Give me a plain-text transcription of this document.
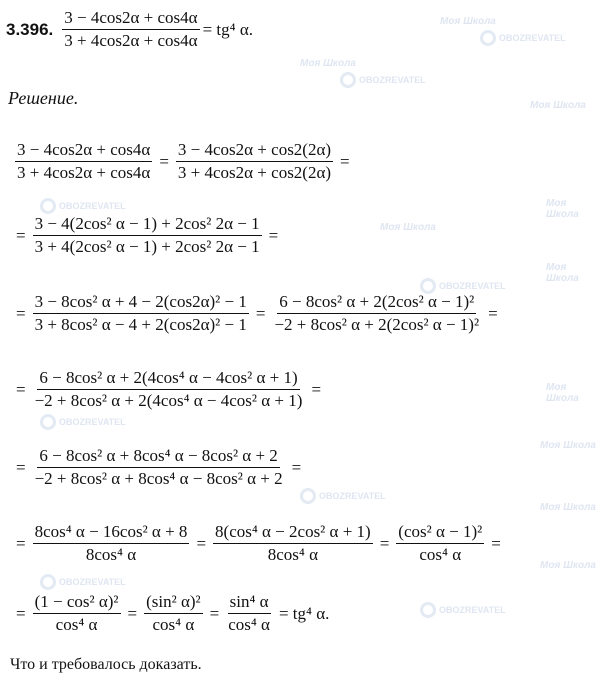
Моя Школа
OBOZREVATEL
Моя Школа
OBOZREVATEL
Моя Школа
OBOZREVATEL	Моя Школа
Моя Школа
Моя Школа
OBOZREVATEL
Моя Школа
OBOZREVATEL
Моя Школа
OBOZREVATEL
Моя Школа
OBOZREVATEL
Моя Школа
OBOZREVATEL
3.396. $\frac{3 - 4\cos 2\alpha + \cos 4\alpha}{3 + 4\cos 2\alpha + \cos 4\alpha} = tg^4$ α.
Решение.
$\frac{3 - 4\cos 2\alpha + \cos 4\alpha}{3 + 4\cos 2\alpha + \cos 4\alpha} = \frac{3 - 4\cos 2\alpha + \cos 2(2\alpha)}{3 + 4\cos 2\alpha + \cos 2(2\alpha)}$ =
= $\frac{\text{3 − 4(2cos² α − 1) + 2cos² 2α − 1}}{\text{3 + 4(2cos² α − 1) + 2cos² 2α − 1}}$ =
= $\frac{\text{3 − 8cos² α + 4 − 2(cos2α)² − 1}}{\text{3 + 8cos² α − 4 + 2(cos2α)² − 1}} = \frac{\text{6 − 8cos² α + 2(2cos² α − 1)²}}{\text{−2 + 8cos² α + 2(2cos² α − 1)²}}$ =
= $\frac{\text{6 − 8cos² α + 2(4cos⁴ α − 4cos² α + 1)}}{\text{−2 + 8cos² α + 2(4cos⁴ α − 4cos² α + 1)}}$ =
= $\frac{\text{6 − 8cos² α + 8cos⁴ α − 8cos² α + 2}}{\text{−2 + 8cos² α + 8cos⁴ α − 8cos² α + 2}}$ =
= $\frac{\text{8cos⁴ α − 16cos² α + 8}}{\text{8cos⁴ α}} = \frac{\text{8(cos⁴ α − 2cos² α + 1)}}{\text{8cos⁴ α}} = \frac{\text{(cos² α − 1)²}}{\text{cos⁴ α}}$ =
= $\frac{\text{(1 − cos² α)²}}{\text{cos⁴ α}} = \frac{\text{(sin² α)²}}{\text{cos⁴ α}} = \frac{\text{sin⁴ α}}{\text{cos⁴ α}} = tg^4$ α.
Что и требовалось доказать.
